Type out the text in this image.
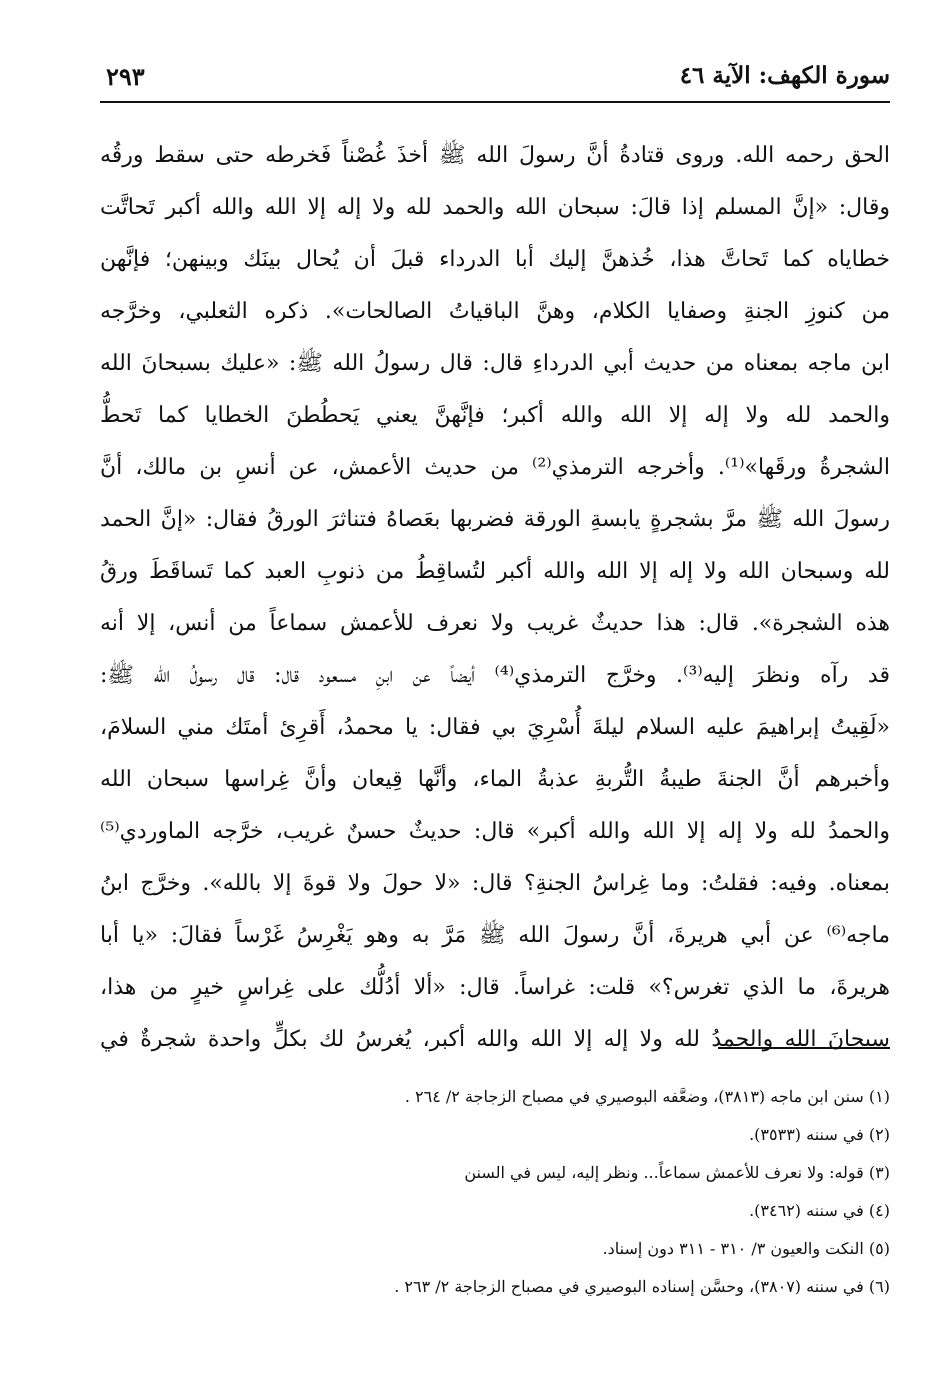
سورة الكهف: الآية ٤٦
٢٩٣
الحق رحمه الله. وروى قتادةُ أنَّ رسولَ الله ﷺ أخذَ غُصْناً فَخرطه حتى سقط ورقُه
وقال: «إنَّ المسلم إذا قالَ: سبحان الله والحمد لله ولا إله إلا الله والله أكبر تَحاتَّت
خطاياه كما تَحاتَّ هذا، خُذهنَّ إليك أبا الدرداء قبلَ أن يُحال بينَك وبينهن؛ فإنَّهن
من كنوزِ الجنةِ وصفايا الكلام، وهنَّ الباقياتُ الصالحات». ذكره الثعلبي، وخرَّجه
ابن ماجه بمعناه من حديث أبي الدرداءِ قال: قال رسولُ الله ﷺ: «عليك بسبحانَ الله
والحمد لله ولا إله إلا الله والله أكبر؛ فإنَّهنَّ يعني يَحطُطنَ الخطايا كما تَحطُّ
الشجرةُ ورقَها»⁽¹⁾. وأخرجه الترمذي⁽²⁾ من حديث الأعمش، عن أنسِ بن مالك، أنَّ
رسولَ الله ﷺ مرَّ بشجرةٍ يابسةِ الورقة فضربها بعَصاهُ فتناثرَ الورقُ فقال: «إنَّ الحمد
لله وسبحان الله ولا إله إلا الله والله أكبر لتُساقِطُ من ذنوبِ العبد كما تَساقَطَ ورقُ
هذه الشجرة». قال: هذا حديثٌ غريب ولا نعرف للأعمش سماعاً من أنس، إلا أنه
قد رآه ونظرَ إليه⁽³⁾. وخرَّج الترمذي⁽⁴⁾ أيضاً عن ابنِ مسعود قال: قال رسولُ الله ﷺ:
«لَقِيتُ إبراهيمَ عليه السلام ليلةَ أُسْرِيَ بي فقال: يا محمدُ، أَقرِئ أمتَك مني السلامَ،
وأخبرهم أنَّ الجنةَ طيبةُ التُّربةِ عذبةُ الماء، وأنَّها قِيعان وأنَّ غِراسها سبحان الله
والحمدُ لله ولا إله إلا الله والله أكبر» قال: حديثٌ حسنٌ غريب، خرَّجه الماوردي⁽⁵⁾
بمعناه. وفيه: فقلتُ: وما غِراسُ الجنةِ؟ قال: «لا حولَ ولا قوةَ إلا بالله». وخرَّج ابنُ
ماجه⁽⁶⁾ عن أبي هريرةَ، أنَّ رسولَ الله ﷺ مَرَّ به وهو يَغْرِسُ غَرْساً فقالَ: «يا أبا
هريرةَ، ما الذي تغرس؟» قلت: غراساً. قال: «ألا أدُلُّك على غِراسٍ خيرٍ من هذا،
سبحانَ الله والحمدُ لله ولا إله إلا الله والله أكبر، يُغرسُ لك بكلٍّ واحدة شجرةٌ في
(١) سنن ابن ماجه (٣٨١٣)، وضعَّفه البوصيري في مصباح الزجاجة ٢/ ٢٦٤ .
(٢) في سننه (٣٥٣٣).
(٣) قوله: ولا نعرف للأعمش سماعاً... ونظر إليه، ليس في السنن
(٤) في سننه (٣٤٦٢).
(٥) النكت والعيون ٣/ ٣١٠ - ٣١١ دون إسناد.
(٦) في سننه (٣٨٠٧)، وحسَّن إسناده البوصيري في مصباح الزجاجة ٢/ ٢٦٣ .
